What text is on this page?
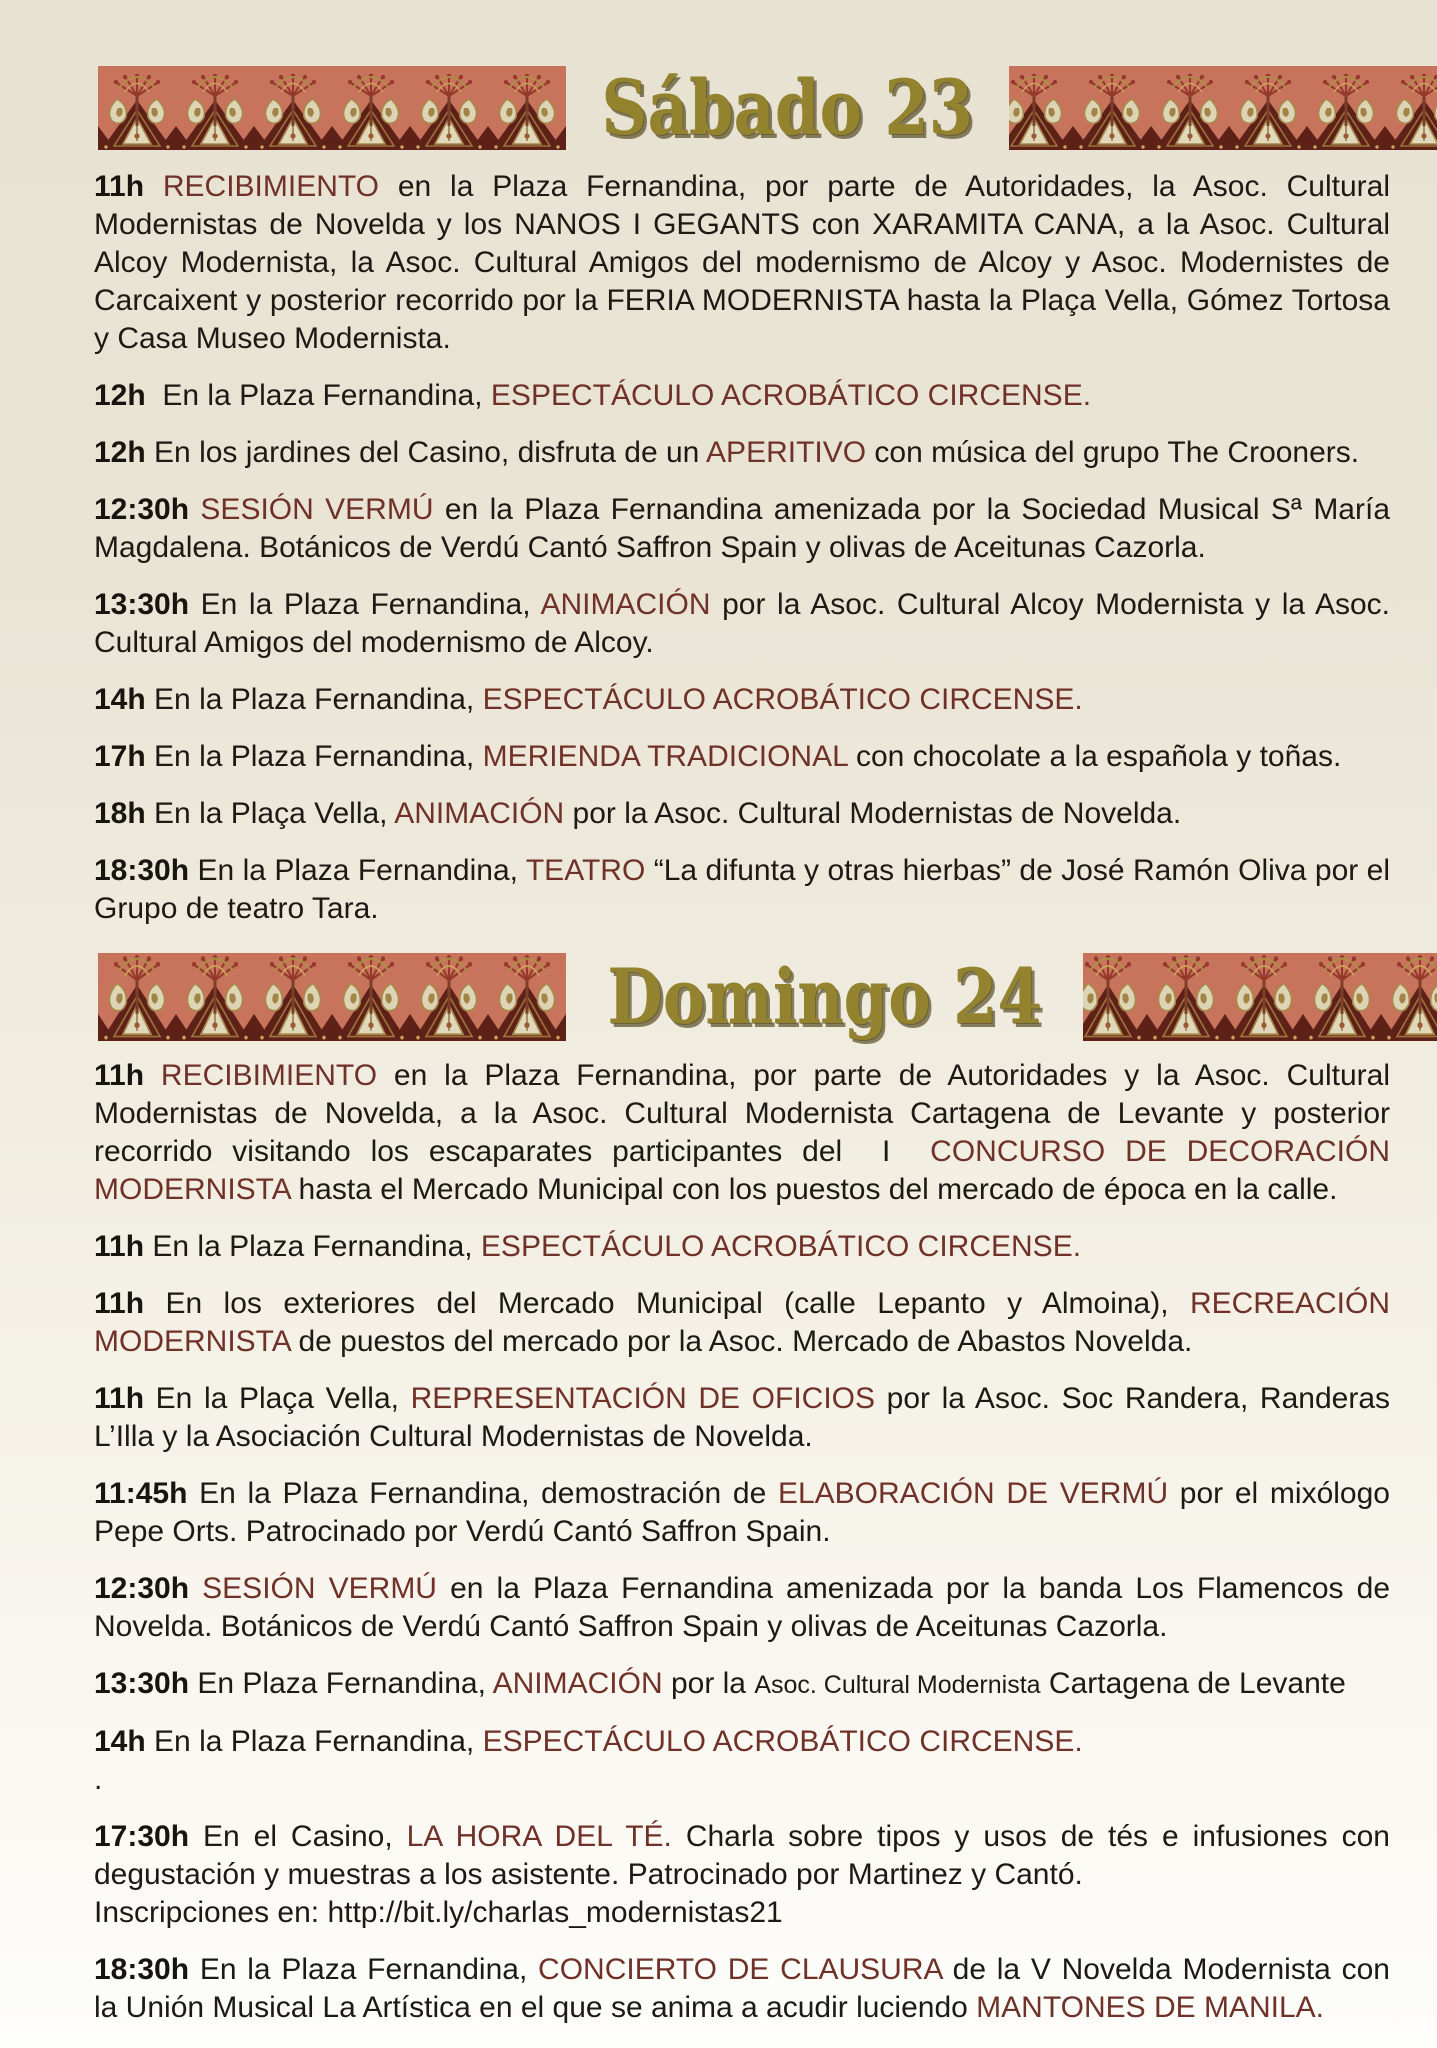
Sábado 23

11h RECIBIMIENTO en la Plaza Fernandina, por parte de Autoridades, la Asoc. Cultural Modernistas de Novelda y los NANOS I GEGANTS con XARAMITA CANA, a la Asoc. Cultural Alcoy Modernista, la Asoc. Cultural Amigos del modernismo de Alcoy y Asoc. Modernistes de Carcaixent y posterior recorrido por la FERIA MODERNISTA hasta la Plaça Vella, Gómez Tortosa y Casa Museo Modernista.

12h  En la Plaza Fernandina, ESPECTÁCULO ACROBÁTICO CIRCENSE.

12h En los jardines del Casino, disfruta de un APERITIVO con música del grupo The Crooners.

12:30h SESIÓN VERMÚ en la Plaza Fernandina amenizada por la Sociedad Musical Sª María Magdalena. Botánicos de Verdú Cantó Saffron Spain y olivas de Aceitunas Cazorla.

13:30h En la Plaza Fernandina, ANIMACIÓN por la Asoc. Cultural Alcoy Modernista y la Asoc. Cultural Amigos del modernismo de Alcoy.

14h En la Plaza Fernandina, ESPECTÁCULO ACROBÁTICO CIRCENSE.

17h En la Plaza Fernandina, MERIENDA TRADICIONAL con chocolate a la española y toñas.

18h En la Plaça Vella, ANIMACIÓN por la Asoc. Cultural Modernistas de Novelda.

18:30h En la Plaza Fernandina, TEATRO “La difunta y otras hierbas” de José Ramón Oliva por el Grupo de teatro Tara.

Domingo 24

11h RECIBIMIENTO en la Plaza Fernandina, por parte de Autoridades y la Asoc. Cultural Modernistas de Novelda, a la Asoc. Cultural Modernista Cartagena de Levante y posterior recorrido visitando los escaparates participantes del  I  CONCURSO DE DECORACIÓN MODERNISTA hasta el Mercado Municipal con los puestos del mercado de época en la calle.

11h En la Plaza Fernandina, ESPECTÁCULO ACROBÁTICO CIRCENSE.

11h En los exteriores del Mercado Municipal (calle Lepanto y Almoina), RECREACIÓN MODERNISTA de puestos del mercado por la Asoc. Mercado de Abastos Novelda.

11h En la Plaça Vella, REPRESENTACIÓN DE OFICIOS por la Asoc. Soc Randera, Randeras L’Illa y la Asociación Cultural Modernistas de Novelda.

11:45h En la Plaza Fernandina, demostración de ELABORACIÓN DE VERMÚ por el mixólogo Pepe Orts. Patrocinado por Verdú Cantó Saffron Spain.

12:30h SESIÓN VERMÚ en la Plaza Fernandina amenizada por la banda Los Flamencos de Novelda. Botánicos de Verdú Cantó Saffron Spain y olivas de Aceitunas Cazorla.

13:30h En Plaza Fernandina, ANIMACIÓN por la Asoc. Cultural Modernista Cartagena de Levante

14h En la Plaza Fernandina, ESPECTÁCULO ACROBÁTICO CIRCENSE.
.

17:30h En el Casino, LA HORA DEL TÉ. Charla sobre tipos y usos de tés e infusiones con degustación y muestras a los asistente. Patrocinado por Martinez y Cantó.
Inscripciones en: http://bit.ly/charlas_modernistas21

18:30h En la Plaza Fernandina, CONCIERTO DE CLAUSURA de la V Novelda Modernista con la Unión Musical La Artística en el que se anima a acudir luciendo MANTONES DE MANILA.
